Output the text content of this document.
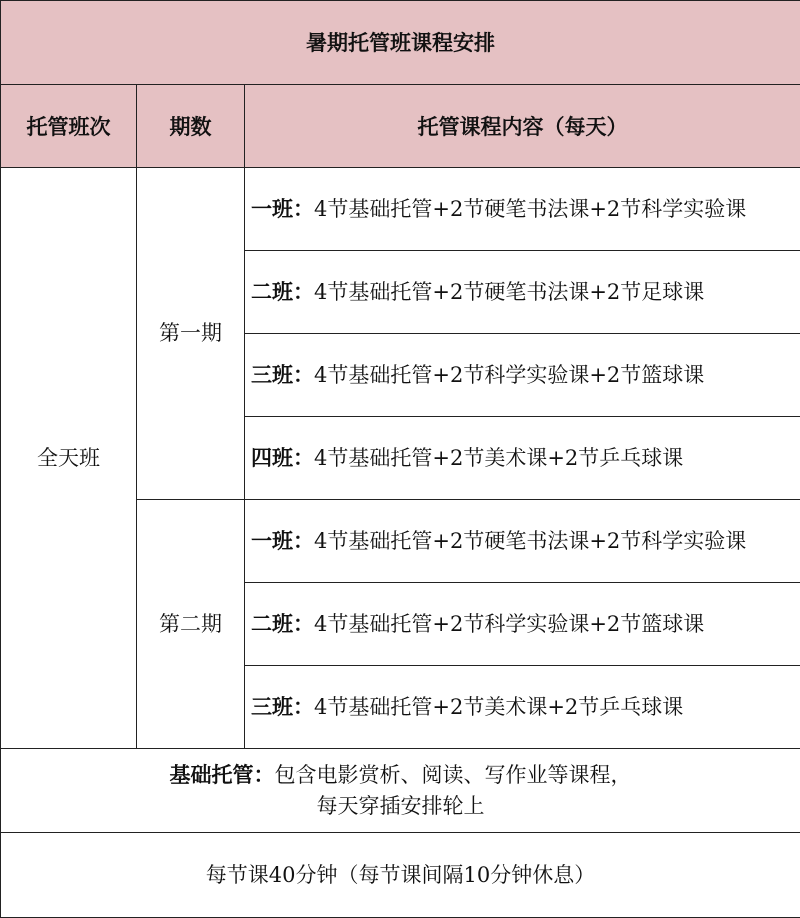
暑期托管班课程安排		
托管班次	期数	托管课程内容（每天）
全天班	第一期	一班：4节基础托管+2节硬笔书法课+2节科学实验课
		二班：4节基础托管+2节硬笔书法课+2节足球课
		三班：4节基础托管+2节科学实验课+2节篮球课
		四班：4节基础托管+2节美术课+2节乒乓球课
	第二期	一班：4节基础托管+2节硬笔书法课+2节科学实验课
		二班：4节基础托管+2节科学实验课+2节篮球课
		三班：4节基础托管+2节美术课+2节乒乓球课

基础托管：包含电影赏析、阅读、写作业等课程，
每天穿插安排轮上		

每节课40分钟（每节课间隔10分钟休息）		
